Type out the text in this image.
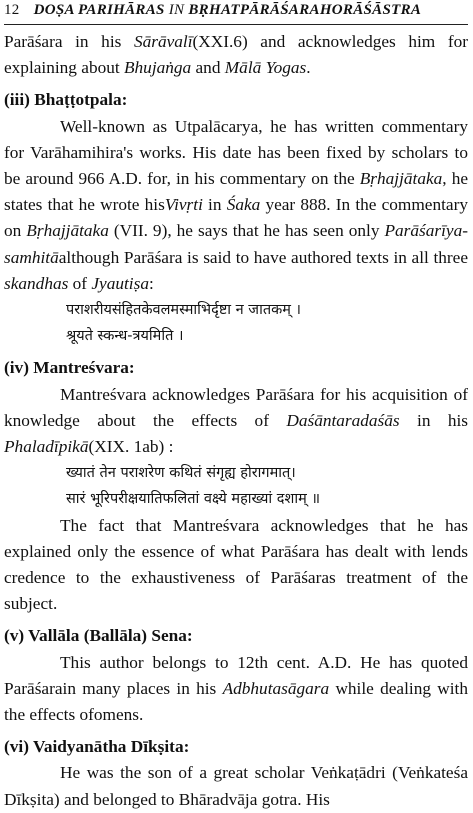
12 DOṢA PARIHĀRAS IN BṚHATPĀRĀŚARAHORĀŚĀSTRA

Parāśara in his Sārāvalī(XXI.6) and acknowledges him for explaining about Bhujaṅga and Mālā Yogas.

(iii) Bhaṭṭotpala:

Well-known as Utpalācarya, he has written commentary for Varāhamihira's works. His date has been fixed by scholars to be around 966 A.D. for, in his commentary on the Bṛhajjātaka, he states that he wrote hisVivṛti in Śaka year 888. In the commentary on Bṛhajjātaka (VII. 9), he says that he has seen only Parāśarīya-samhitāalthough Parāśara is said to have authored texts in all three skandhas of Jyautiṣa:

पराशरीयसंहितकेवलमस्माभिर्दृष्टा न जातकम् ।
श्रूयते स्कन्ध-त्रयमिति ।
(iv) Mantreśvara:

Mantreśvara acknowledges Parāśara for his acquisition of knowledge about the effects of Daśāntaradaśās in his Phaladīpikā(XIX. 1ab) :

ख्यातं तेन पराशरेण कथितं संगृह्य होरागमात्।
सारं भूरिपरीक्षयातिफलितां वक्ष्ये महाख्यां दशाम् ॥

The fact that Mantreśvara acknowledges that he has explained only the essence of what Parāśara has dealt with lends credence to the exhaustiveness of Parāśaras treatment of the subject.

(v) Vallāla (Ballāla) Sena:

This author belongs to 12th cent. A.D. He has quoted Parāśarain many places in his Adbhutasāgara while dealing with the effects ofomens.

(vi) Vaidyanātha Dīkṣita:

He was the son of a great scholar Veṅkaṭādri (Veṅkateśa Dīkṣita) and belonged to Bhāradvāja gotra. His
